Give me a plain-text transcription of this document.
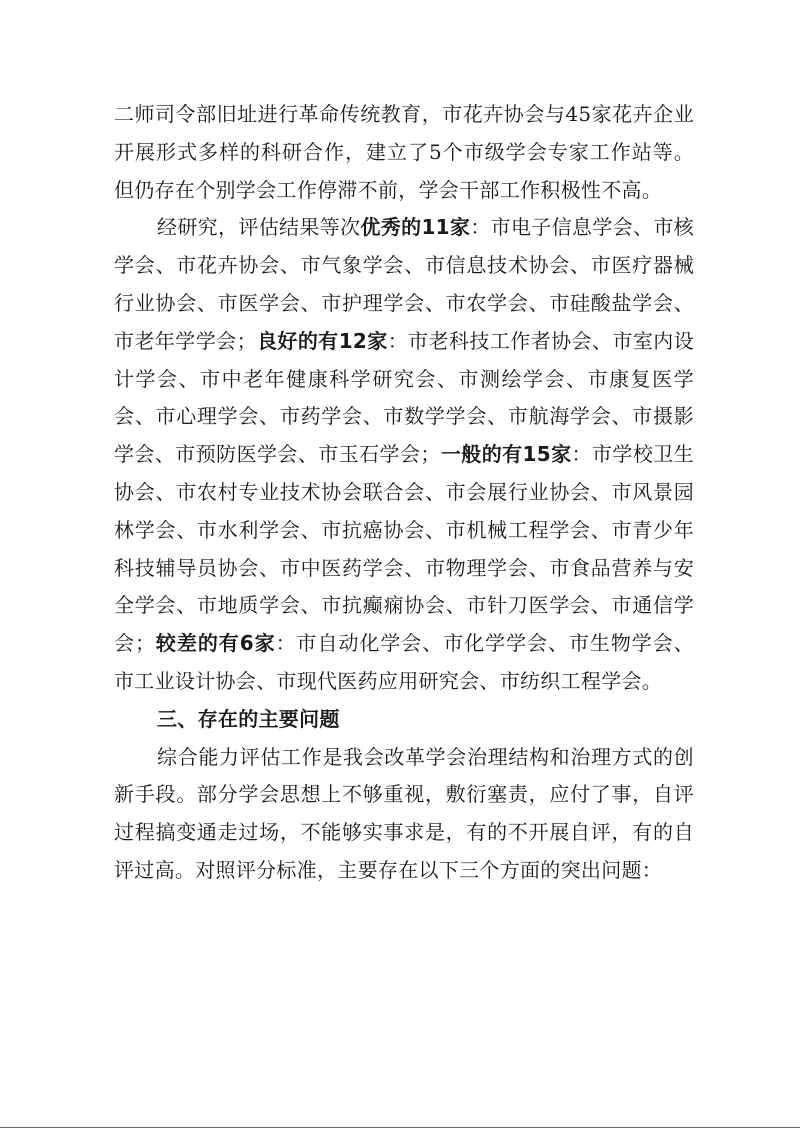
二师司令部旧址进行革命传统教育，市花卉协会与45家花卉企业开展形式多样的科研合作，建立了5个市级学会专家工作站等。但仍存在个别学会工作停滞不前，学会干部工作积极性不高。

经研究，评估结果等次优秀的11家：市电子信息学会、市核学会、市花卉协会、市气象学会、市信息技术协会、市医疗器械行业协会、市医学会、市护理学会、市农学会、市硅酸盐学会、市老年学学会；良好的有12家：市老科技工作者协会、市室内设计学会、市中老年健康科学研究会、市测绘学会、市康复医学会、市心理学会、市药学会、市数学学会、市航海学会、市摄影学会、市预防医学会、市玉石学会；一般的有15家：市学校卫生协会、市农村专业技术协会联合会、市会展行业协会、市风景园林学会、市水利学会、市抗癌协会、市机械工程学会、市青少年科技辅导员协会、市中医药学会、市物理学会、市食品营养与安全学会、市地质学会、市抗癫痫协会、市针刀医学会、市通信学会；较差的有6家：市自动化学会、市化学学会、市生物学会、市工业设计协会、市现代医药应用研究会、市纺织工程学会。

三、存在的主要问题

综合能力评估工作是我会改革学会治理结构和治理方式的创新手段。部分学会思想上不够重视，敷衍塞责，应付了事，自评过程搞变通走过场，不能够实事求是，有的不开展自评，有的自评过高。对照评分标准，主要存在以下三个方面的突出问题：
